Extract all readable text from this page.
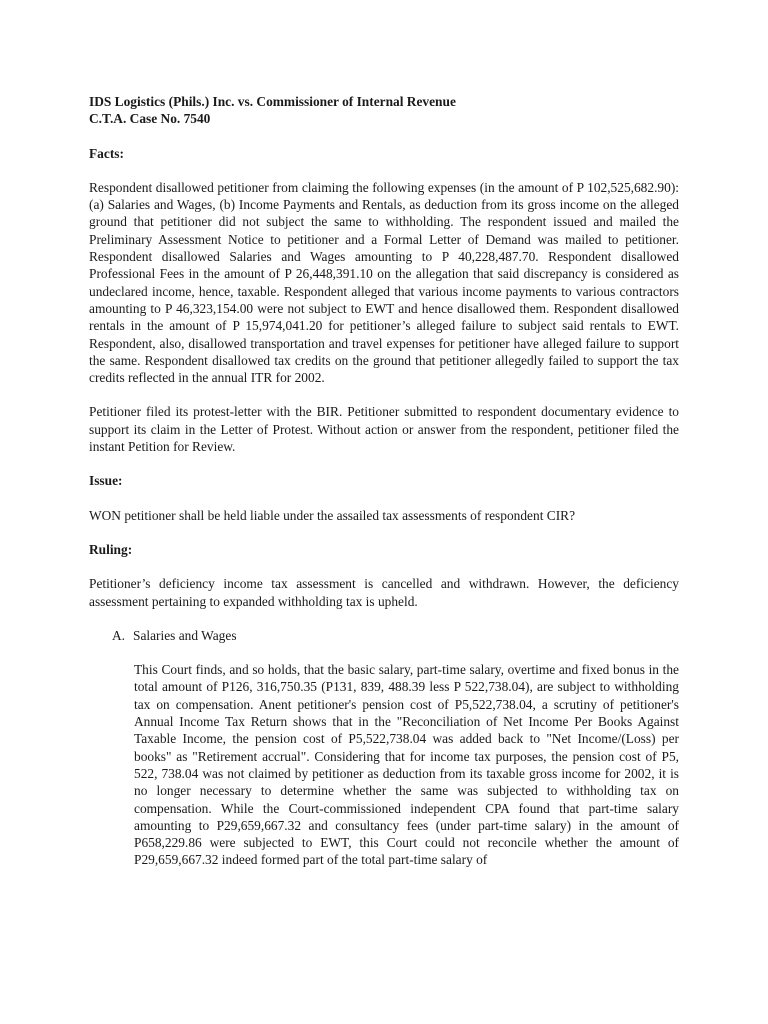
IDS Logistics (Phils.) Inc. vs. Commissioner of Internal Revenue
C.T.A. Case No. 7540
Facts:

Respondent disallowed petitioner from claiming the following expenses (in the amount of P 102,525,682.90): (a) Salaries and Wages, (b) Income Payments and Rentals, as deduction from its gross income on the alleged ground that petitioner did not subject the same to withholding. The respondent issued and mailed the Preliminary Assessment Notice to petitioner and a Formal Letter of Demand was mailed to petitioner. Respondent disallowed Salaries and Wages amounting to P 40,228,487.70. Respondent disallowed Professional Fees in the amount of P 26,448,391.10 on the allegation that said discrepancy is considered as undeclared income, hence, taxable. Respondent alleged that various income payments to various contractors amounting to P 46,323,154.00 were not subject to EWT and hence disallowed them. Respondent disallowed rentals in the amount of P 15,974,041.20 for petitioner’s alleged failure to subject said rentals to EWT. Respondent, also, disallowed transportation and travel expenses for petitioner have alleged failure to support the same. Respondent disallowed tax credits on the ground that petitioner allegedly failed to support the tax credits reflected in the annual ITR for 2002.

Petitioner filed its protest-letter with the BIR. Petitioner submitted to respondent documentary evidence to support its claim in the Letter of Protest. Without action or answer from the respondent, petitioner filed the instant Petition for Review.

Issue:

WON petitioner shall be held liable under the assailed tax assessments of respondent CIR?

Ruling:

Petitioner’s deficiency income tax assessment is cancelled and withdrawn. However, the deficiency assessment pertaining to expanded withholding tax is upheld.

A. Salaries and Wages

This Court finds, and so holds, that the basic salary, part-time salary, overtime and fixed bonus in the total amount of P126, 316,750.35 (P131, 839, 488.39 less P 522,738.04), are subject to withholding tax on compensation. Anent petitioner's pension cost of P5,522,738.04, a scrutiny of petitioner's Annual Income Tax Return shows that in the "Reconciliation of Net Income Per Books Against Taxable Income, the pension cost of P5,522,738.04 was added back to "Net Income/(Loss) per books" as "Retirement accrual". Considering that for income tax purposes, the pension cost of P5, 522, 738.04 was not claimed by petitioner as deduction from its taxable gross income for 2002, it is no longer necessary to determine whether the same was subjected to withholding tax on compensation. While the Court-commissioned independent CPA found that part-time salary amounting to P29,659,667.32 and consultancy fees (under part-time salary) in the amount of P658,229.86 were subjected to EWT, this Court could not reconcile whether the amount of P29,659,667.32 indeed formed part of the total part-time salary of
